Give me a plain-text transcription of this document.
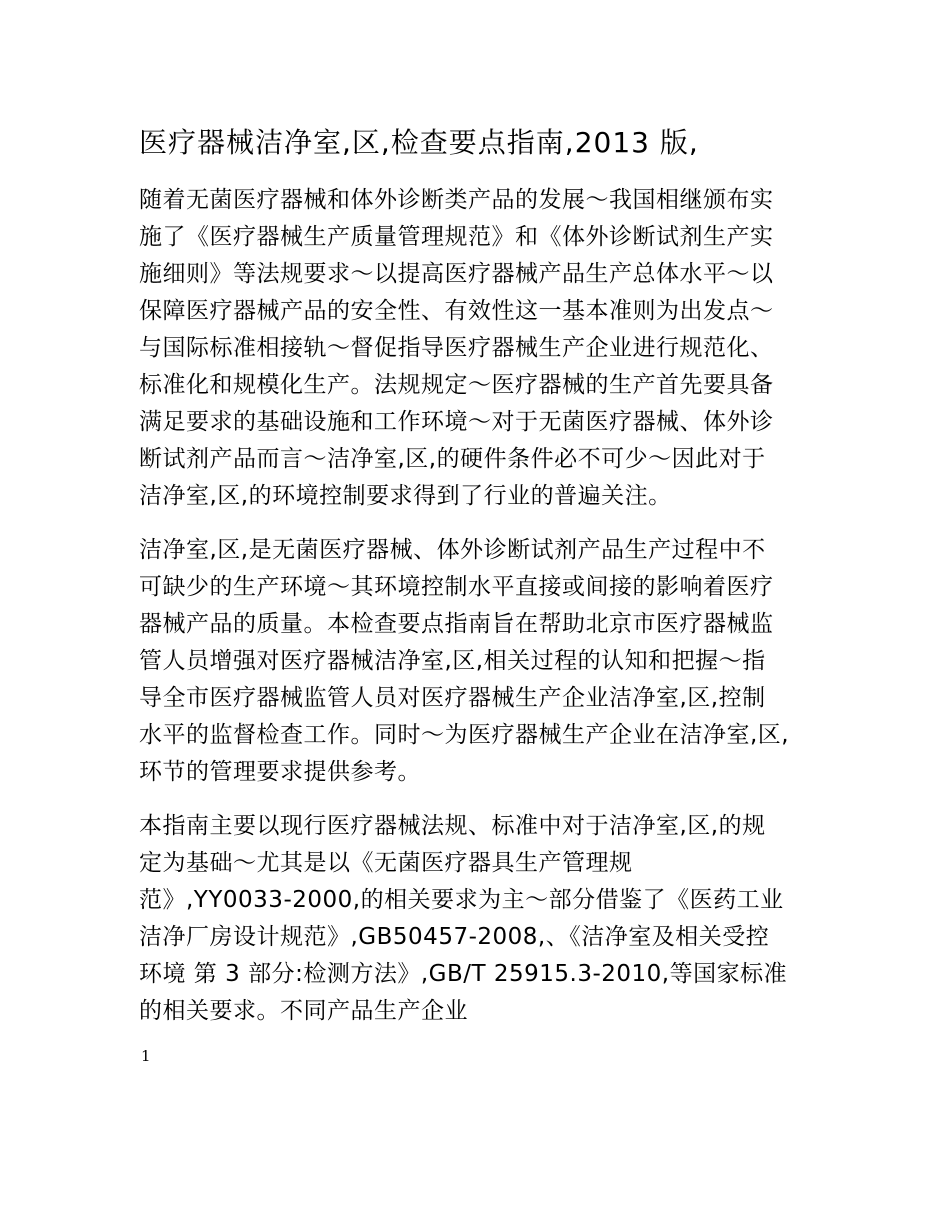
医疗器械洁净室,区,检查要点指南,2013 版,
随着无菌医疗器械和体外诊断类产品的发展～我国相继颁布实
施了《医疗器械生产质量管理规范》和《体外诊断试剂生产实
施细则》等法规要求～以提高医疗器械产品生产总体水平～以
保障医疗器械产品的安全性、有效性这一基本准则为出发点～
与国际标准相接轨～督促指导医疗器械生产企业进行规范化、
标准化和规模化生产。法规规定～医疗器械的生产首先要具备
满足要求的基础设施和工作环境～对于无菌医疗器械、体外诊
断试剂产品而言～洁净室,区,的硬件条件必不可少～因此对于
洁净室,区,的环境控制要求得到了行业的普遍关注。
洁净室,区,是无菌医疗器械、体外诊断试剂产品生产过程中不
可缺少的生产环境～其环境控制水平直接或间接的影响着医疗
器械产品的质量。本检查要点指南旨在帮助北京市医疗器械监
管人员增强对医疗器械洁净室,区,相关过程的认知和把握～指
导全市医疗器械监管人员对医疗器械生产企业洁净室,区,控制
水平的监督检查工作。同时～为医疗器械生产企业在洁净室,区,
环节的管理要求提供参考。
本指南主要以现行医疗器械法规、标准中对于洁净室,区,的规
定为基础～尤其是以《无菌医疗器具生产管理规
范》,YY0033-2000,的相关要求为主～部分借鉴了《医药工业
洁净厂房设计规范》,GB50457-2008,、《洁净室及相关受控
环境 第 3 部分:检测方法》,GB/T 25915.3-2010,等国家标准
的相关要求。不同产品生产企业
1
